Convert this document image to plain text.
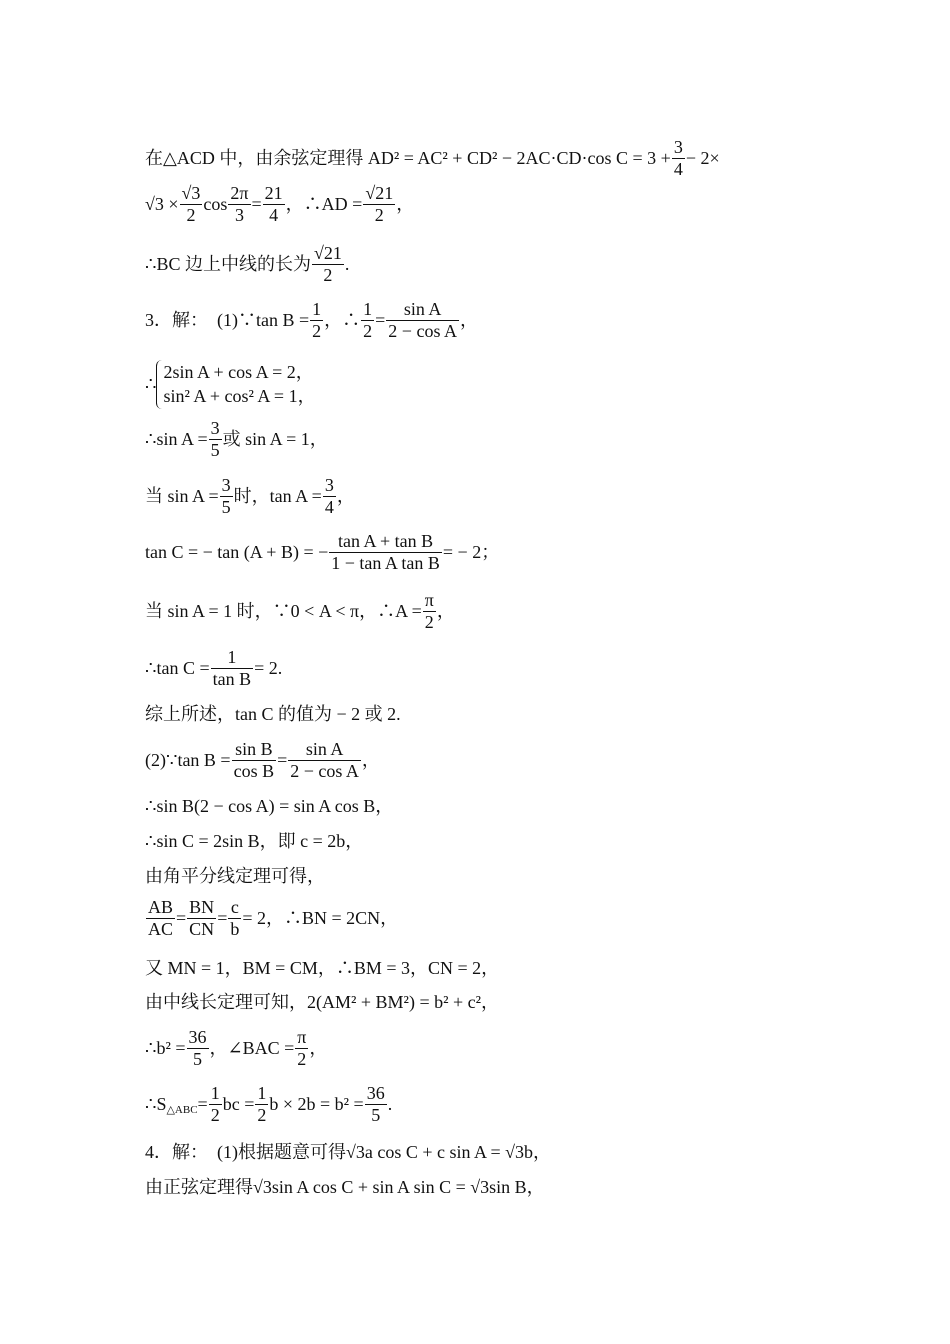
在△ACD 中，由余弦定理得 AD² = AC² + CD² − 2AC·CD·cos $C = 3 + \frac{3}{4} - 2\times$
$√3 \times \frac{√3}{2}$ $\cos \frac{2\pi}{3} = \frac{21}{4}$ ，∴AD = $\frac{√21}{2}$ ，
∴BC 边上中线的长为 $\frac{√21}{2}$ .
3．解：　(1)∵tan $B = \frac{1}{2}$ ，∴ $\frac{1}{2} = \frac{\text{sin A}}{\text{2 − cos A}}$ ，
∴
2sin A + cos A = 2，
sin² A + cos² A = 1，
∴sin $A = \frac{3}{5}$ 或 sin A = 1，
当 $\sin A = \frac{3}{5}$ 时，$\tan A = \frac{3}{4}$ ，
tan C = − tan (A + B) = − $\frac{\text{tan A + tan B}}{\text{1 − tan A tan B}}$ = − 2；
当 sin A = 1 时，∵0 < A < π，∴A = $\frac{\pi}{2}$ ，
∴tan $C = \frac{1}{\text{tan B}} = 2$.
综上所述，tan C 的值为 − 2 或 2.
(2)∵tan $B = \frac{\text{sin B}}{\text{cos B}} = \frac{\text{sin A}}{\text{2 − cos A}}$ ，
∴sin B(2 − cos A) = sin A cos B，
∴sin C = 2sin B，即 c = 2b，
由角平分线定理可得，
$\frac{AB}{AC} = \frac{BN}{CN} = \frac{c}{b} = 2$，∴BN = 2CN，
又 MN = 1，BM = CM，∴BM = 3，CN = 2，
由中线长定理可知，2(AM² + BM²) = b² + c²，
∴b² = $\frac{36}{5}$ ，∠BAC = $\frac{\pi}{2}$ ，
∴S△ABC= $\frac{1}{2}$ bc = $\frac{1}{2}$ $b \times 2b = b^2 = \frac{36}{5}$ .
4．解：　(1)根据题意可得√3a cos C + c sin A = √3b，
由正弦定理得√3sin A cos C + sin A sin C = √3sin B，
